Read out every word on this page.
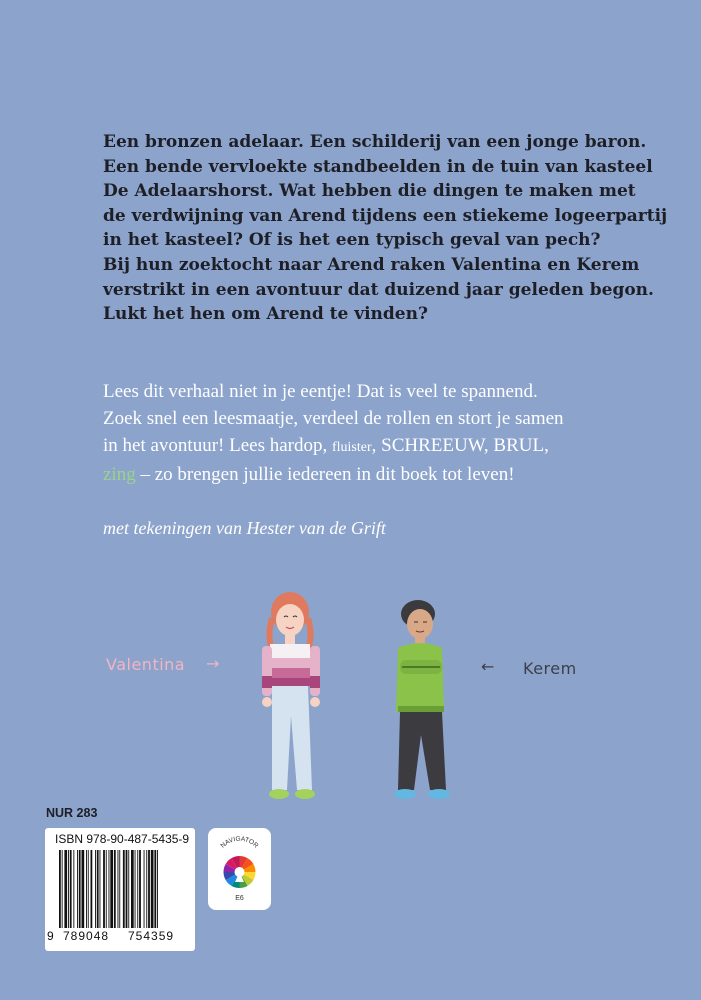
Een bronzen adelaar. Een schilderij van een jonge baron.
Een bende vervloekte standbeelden in de tuin van kasteel
De Adelaarshorst. Wat hebben die dingen te maken met
de verdwijning van Arend tijdens een stiekeme logeerpartij
in het kasteel? Of is het een typisch geval van pech?
Bij hun zoektocht naar Arend raken Valentina en Kerem
verstrikt in een avontuur dat duizend jaar geleden begon.
Lukt het hen om Arend te vinden?
Lees dit verhaal niet in je eentje! Dat is veel te spannend.
Zoek snel een leesmaatje, verdeel de rollen en stort je samen
in het avontuur! Lees hardop, fluister, SCHREEUW, BRUL,
zing – zo brengen jullie iedereen in dit boek tot leven!
met tekeningen van Hester van de Grift
Valentina →	← Kerem
NUR 283
ISBN 978-90-487-5435-9
9 789048 754359
NAVIGATOR
E6
